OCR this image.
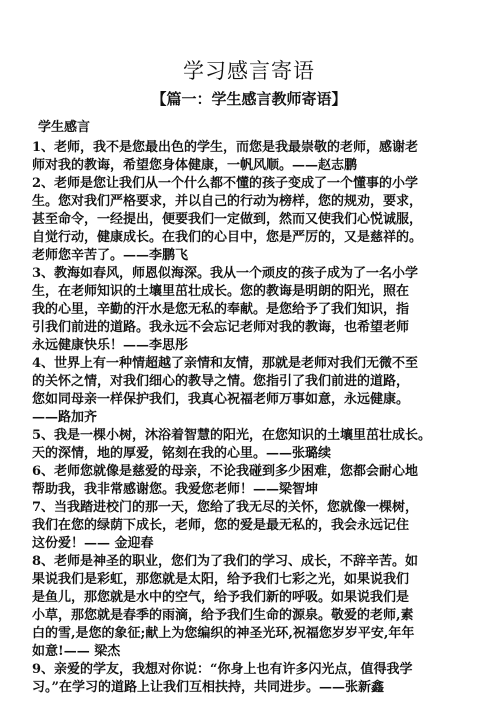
学习感言寄语
【篇一：学生感言教师寄语】
学生感言
1、老师，我不是您最出色的学生，而您是我最崇敬的老师，感谢老
师对我的教诲，希望您身体健康，一帆风顺。——赵志鹏
2、老师是您让我们从一个什么都不懂的孩子变成了一个懂事的小学
生。您对我们严格要求，并以自己的行动为榜样，您的规劝，要求，
甚至命令，一经提出，便要我们一定做到，然而又使我们心悦诚服，
自觉行动，健康成长。在我们的心目中，您是严厉的，又是慈祥的。
老师您辛苦了。——李鹏飞
3、教海如春风，师恩似海深。我从一个顽皮的孩子成为了一名小学
生，在老师知识的土壤里茁壮成长。您的教诲是明朗的阳光，照在
我的心里，辛勤的汗水是您无私的奉献。是您给予了我们知识，指
引我们前进的道路。我永远不会忘记老师对我的教诲，也希望老师
永远健康快乐！——李思彤
4、世界上有一种情超越了亲情和友情，那就是老师对我们无微不至
的关怀之情，对我们细心的教导之情。您指引了我们前进的道路，
您如同母亲一样保护我们，我真心祝福老师万事如意，永远健康。
——路加齐
5、我是一棵小树，沐浴着智慧的阳光，在您知识的土壤里茁壮成长。
天的深情，地的厚爱，铭刻在我的心里。——张璐续
6、老师您就像是慈爱的母亲，不论我碰到多少困难，您都会耐心地
帮助我，我非常感谢您。我爱您老师！——梁智坤
7、当我踏进校门的那一天，您给了我无尽的关怀，您就像一棵树，
我们在您的绿荫下成长，老师，您的爱是最无私的，我会永远记住
这份爱！—— 金迎春
8、老师是神圣的职业，您们为了我们的学习、成长，不辞辛苦。如
果说我们是彩虹，那您就是太阳，给予我们七彩之光，如果说我们
是鱼儿，那您就是水中的空气，给予我们新的呼吸。如果说我们是
小草，那您就是春季的雨滴，给予我们生命的源泉。敬爱的老师,素
白的雪,是您的象征;献上为您编织的神圣光环,祝福您岁岁平安,年年
如意!—— 梁杰
9、亲爱的学友，我想对你说：“你身上也有许多闪光点，值得我学
习。”在学习的道路上让我们互相扶持，共同进步。——张新鑫
